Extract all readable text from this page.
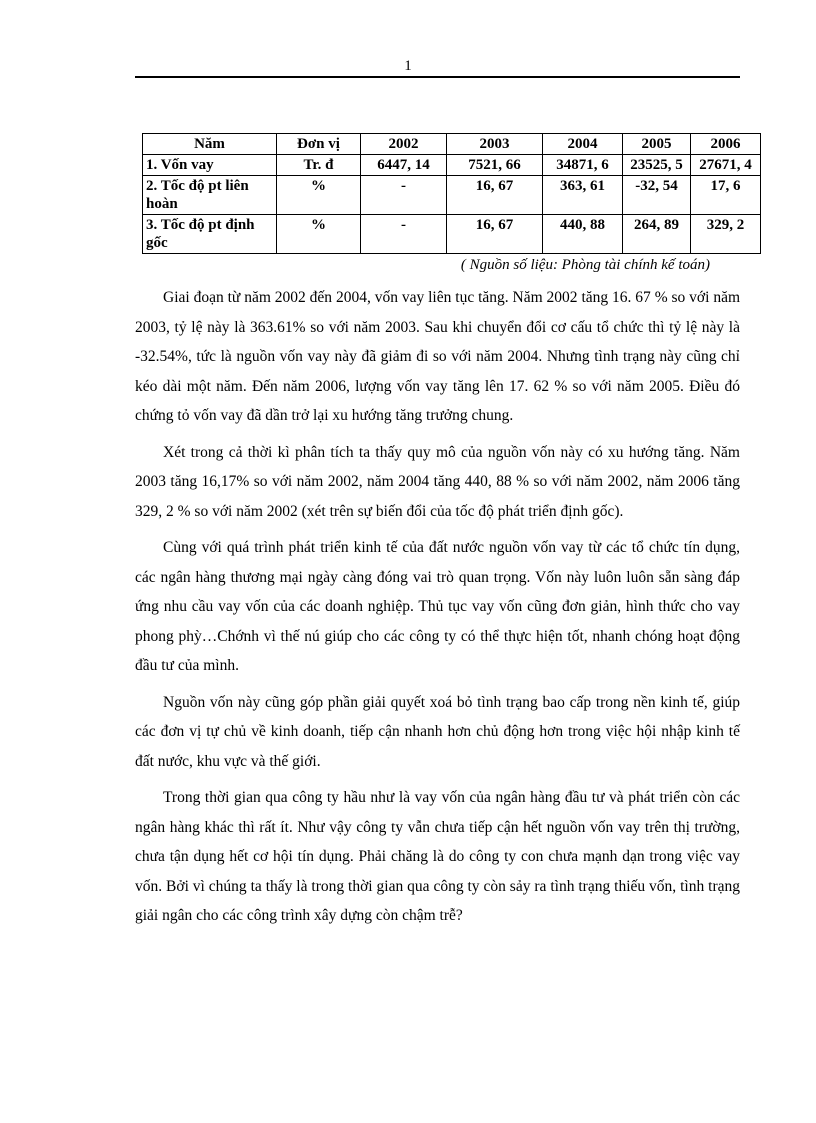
1
Năm	Đơn vị	2002	2003	2004	2005	2006
1. Vốn vay	Tr. đ	6447, 14	7521, 66	34871, 6	23525, 5	27671, 4
2. Tốc độ pt liên hoàn	%	-	16, 67	363, 61	-32, 54	17, 6
3. Tốc độ pt định gốc	%	-	16, 67	440, 88	264, 89	329, 2
( Nguồn số liệu: Phòng tài chính kế toán)

Giai đoạn từ năm 2002 đến 2004, vốn vay liên tục tăng. Năm 2002 tăng 16. 67 % so với năm 2003, tỷ lệ này là 363.61% so với năm 2003. Sau khi chuyển đổi cơ cấu tổ chức thì tỷ lệ này là -32.54%, tức là nguồn vốn vay này đã giảm đi so với năm 2004. Nhưng tình trạng này cũng chỉ kéo dài một năm. Đến năm 2006, lượng vốn vay tăng lên 17. 62 % so với năm 2005. Điều đó chứng tỏ vốn vay đã dần trở lại xu hướng tăng trưởng chung.

Xét trong cả thời kì phân tích ta thấy quy mô của nguồn vốn này có xu hướng tăng. Năm 2003 tăng 16,17% so với năm 2002, năm 2004 tăng 440, 88 % so với năm 2002, năm 2006 tăng 329, 2 % so với năm 2002 (xét trên sự biến đổi của tốc độ phát triển định gốc).

Cùng với quá trình phát triển kinh tế của đất nước nguồn vốn vay từ các tổ chức tín dụng, các ngân hàng thương mại ngày càng đóng vai trò quan trọng. Vốn này luôn luôn sẵn sàng đáp ứng nhu cầu vay vốn của các doanh nghiệp. Thủ tục vay vốn cũng đơn giản, hình thức cho vay phong phỳ…Chớnh vì thế nú giúp cho các công ty có thể thực hiện tốt, nhanh chóng hoạt động đầu tư của mình.

Nguồn vốn này cũng góp phần giải quyết xoá bỏ tình trạng bao cấp trong nền kinh tế, giúp các đơn vị tự chủ về kinh doanh, tiếp cận nhanh hơn chủ động hơn trong việc hội nhập kinh tế đất nước, khu vực và thế giới.

Trong thời gian qua công ty hầu như là vay vốn của ngân hàng đầu tư và phát triển còn các ngân hàng khác thì rất ít. Như vậy công ty vẫn chưa tiếp cận hết nguồn vốn vay trên thị trường, chưa tận dụng hết cơ hội tín dụng. Phải chăng là do công ty con chưa mạnh dạn trong việc vay vốn. Bởi vì chúng ta thấy là trong thời gian qua công ty còn sảy ra tình trạng thiếu vốn, tình trạng giải ngân cho các công trình xây dựng còn chậm trễ?
